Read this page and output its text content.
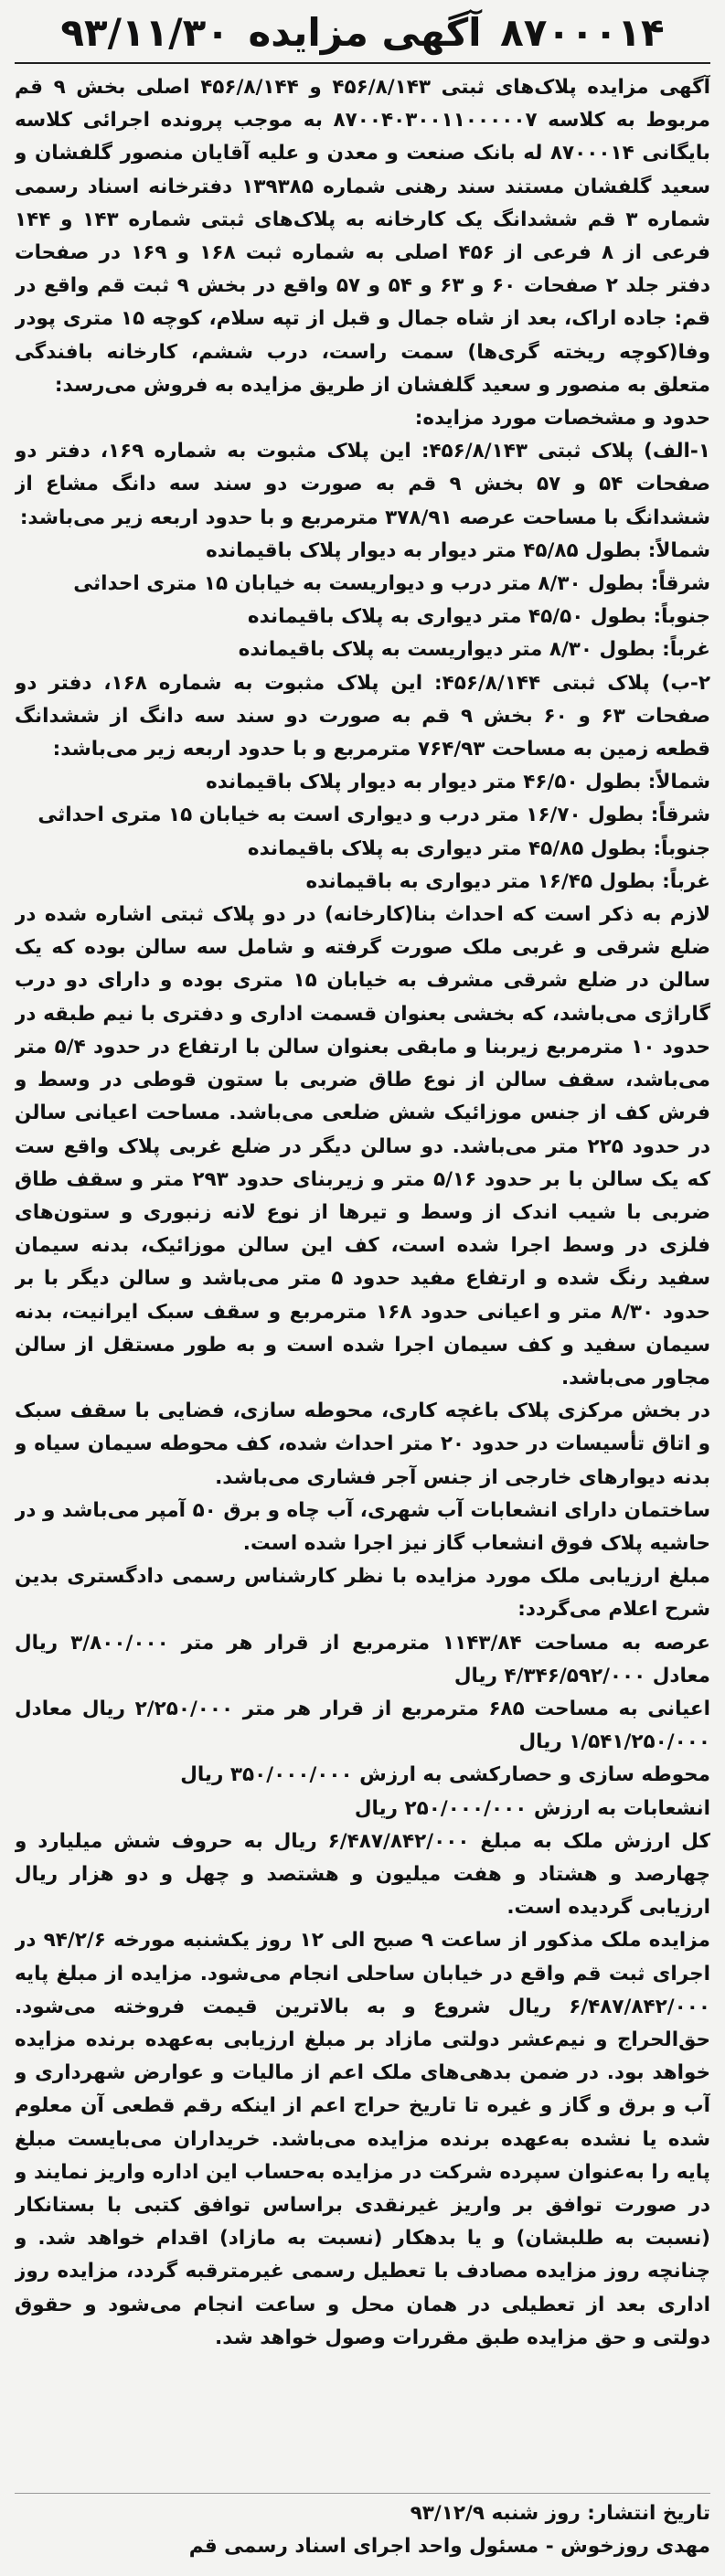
۸۷۰۰۰۱۴ آگهی مزایده ۹۳/۱۱/۳۰

آگهی مزایده پلاک‌های ثبتی ۴۵۶/۸/۱۴۳ و ۴۵۶/۸/۱۴۴ اصلی بخش ۹ قم مربوط به کلاسه ۸۷۰۰۴۰۳۰۰۱۱۰۰۰۰۰۷ به موجب پرونده اجرائی کلاسه بایگانی ۸۷۰۰۰۱۴ له بانک صنعت و معدن و علیه آقایان منصور گلفشان و سعید گلفشان مستند سند رهنی شماره ۱۳۹۳۸۵ دفترخانه اسناد رسمی شماره ۳ قم ششدانگ یک کارخانه به پلاک‌های ثبتی شماره ۱۴۳ و ۱۴۴ فرعی از ۸ فرعی از ۴۵۶ اصلی به شماره ثبت ۱۶۸ و ۱۶۹ در صفحات دفتر جلد ۲ صفحات ۶۰ و ۶۳ و ۵۴ و ۵۷ واقع در بخش ۹ ثبت قم واقع در قم: جاده اراک، بعد از شاه جمال و قبل از تپه سلام، کوچه ۱۵ متری پودر وفا(کوچه ریخته گری‌ها) سمت راست، درب ششم، کارخانه بافندگی متعلق به منصور و سعید گلفشان از طریق مزایده به فروش می‌رسد:

حدود و مشخصات مورد مزایده:

۱-الف) پلاک ثبتی ۴۵۶/۸/۱۴۳: این پلاک مثبوت به شماره ۱۶۹، دفتر دو صفحات ۵۴ و ۵۷ بخش ۹ قم به صورت دو سند سه دانگ مشاع از ششدانگ با مساحت عرصه ۳۷۸/۹۱ مترمربع و با حدود اربعه زیر می‌باشد:

شمالاً: بطول ۴۵/۸۵ متر دیوار به دیوار پلاک باقیمانده

شرقاً: بطول ۸/۳۰ متر درب و دیواریست به خیابان ۱۵ متری احداثی

جنوباً: بطول ۴۵/۵۰ متر دیواری به پلاک باقیمانده

غرباً: بطول ۸/۳۰ متر دیواریست به پلاک باقیمانده

۲-ب) پلاک ثبتی ۴۵۶/۸/۱۴۴: این پلاک مثبوت به شماره ۱۶۸، دفتر دو صفحات ۶۳ و ۶۰ بخش ۹ قم به صورت دو سند سه دانگ از ششدانگ قطعه زمین به مساحت ۷۶۴/۹۳ مترمربع و با حدود اربعه زیر می‌باشد:

شمالاً: بطول ۴۶/۵۰ متر دیوار به دیوار پلاک باقیمانده

شرقاً: بطول ۱۶/۷۰ متر درب و دیواری است به خیابان ۱۵ متری احداثی

جنوباً: بطول ۴۵/۸۵ متر دیواری به پلاک باقیمانده

غرباً: بطول ۱۶/۴۵ متر دیواری به باقیمانده

لازم به ذکر است که احداث بنا(کارخانه) در دو پلاک ثبتی اشاره شده در ضلع شرقی و غربی ملک صورت گرفته و شامل سه سالن بوده که یک سالن در ضلع شرقی مشرف به خیابان ۱۵ متری بوده و دارای دو درب گاراژی می‌باشد، که بخشی بعنوان قسمت اداری و دفتری با نیم طبقه در حدود ۱۰ مترمربع زیربنا و مابقی بعنوان سالن با ارتفاع در حدود ۵/۴ متر می‌باشد، سقف سالن از نوع طاق ضربی با ستون قوطی در وسط و فرش کف از جنس موزائیک شش ضلعی می‌باشد. مساحت اعیانی سالن در حدود ۲۲۵ متر می‌باشد. دو سالن دیگر در ضلع غربی پلاک واقع ست که یک سالن با بر حدود ۵/۱۶ متر و زیربنای حدود ۲۹۳ متر و سقف طاق ضربی با شیب اندک از وسط و تیرها از نوع لانه زنبوری و ستون‌های فلزی در وسط اجرا شده است، کف این سالن موزائیک، بدنه سیمان سفید رنگ شده و ارتفاع مفید حدود ۵ متر می‌باشد و سالن دیگر با بر حدود ۸/۳۰ متر و اعیانی حدود ۱۶۸ مترمربع و سقف سبک ایرانیت، بدنه سیمان سفید و کف سیمان اجرا شده است و به طور مستقل از سالن مجاور می‌باشد.

در بخش مرکزی پلاک باغچه کاری، محوطه سازی، فضایی با سقف سبک و اتاق تأسیسات در حدود ۲۰ متر احداث شده، کف محوطه سیمان سیاه و بدنه دیوارهای خارجی از جنس آجر فشاری می‌باشد.

ساختمان دارای انشعابات آب شهری، آب چاه و برق ۵۰ آمپر می‌باشد و در حاشیه پلاک فوق انشعاب گاز نیز اجرا شده است.

مبلغ ارزیابی ملک مورد مزایده با نظر کارشناس رسمی دادگستری بدین شرح اعلام می‌گردد:

عرصه به مساحت ۱۱۴۳/۸۴ مترمربع از قرار هر متر ۳/۸۰۰/۰۰۰ ریال معادل ۴/۳۴۶/۵۹۲/۰۰۰ ریال

اعیانی به مساحت ۶۸۵ مترمربع از قرار هر متر ۲/۲۵۰/۰۰۰ ریال معادل ۱/۵۴۱/۲۵۰/۰۰۰ ریال

محوطه سازی و حصارکشی به ارزش ۳۵۰/۰۰۰/۰۰۰ ریال

انشعابات به ارزش ۲۵۰/۰۰۰/۰۰۰ ریال

کل ارزش ملک به مبلغ ۶/۴۸۷/۸۴۲/۰۰۰ ریال به حروف شش میلیارد و چهارصد و هشتاد و هفت میلیون و هشتصد و چهل و دو هزار ریال ارزیابی گردیده است.

مزایده ملک مذکور از ساعت ۹ صبح الی ۱۲ روز یکشنبه مورخه ۹۴/۲/۶ در اجرای ثبت قم واقع در خیابان ساحلی انجام می‌شود. مزایده از مبلغ پایه ۶/۴۸۷/۸۴۲/۰۰۰ ریال شروع و به بالاترین قیمت فروخته می‌شود. حق‌الحراج و نیم‌عشر دولتی مازاد بر مبلغ ارزیابی به‌عهده برنده مزایده خواهد بود. در ضمن بدهی‌های ملک اعم از مالیات و عوارض شهرداری و آب و برق و گاز و غیره تا تاریخ حراج اعم از اینکه رقم قطعی آن معلوم شده یا نشده به‌عهده برنده مزایده می‌باشد. خریداران می‌بایست مبلغ پایه را به‌عنوان سپرده شرکت در مزایده به‌حساب این اداره واریز نمایند و در صورت توافق بر واریز غیرنقدی براساس توافق کتبی با بستانکار (نسبت به طلبشان) و یا بدهکار (نسبت به مازاد) اقدام خواهد شد. و چنانچه روز مزایده مصادف با تعطیل رسمی غیرمترقبه گردد، مزایده روز اداری بعد از تعطیلی در همان محل و ساعت انجام می‌شود و حقوق دولتی و حق مزایده طبق مقررات وصول خواهد شد.

تاریخ انتشار: روز شنبه ۹۳/۱۲/۹
مهدی روزخوش - مسئول واحد اجرای اسناد رسمی قم
